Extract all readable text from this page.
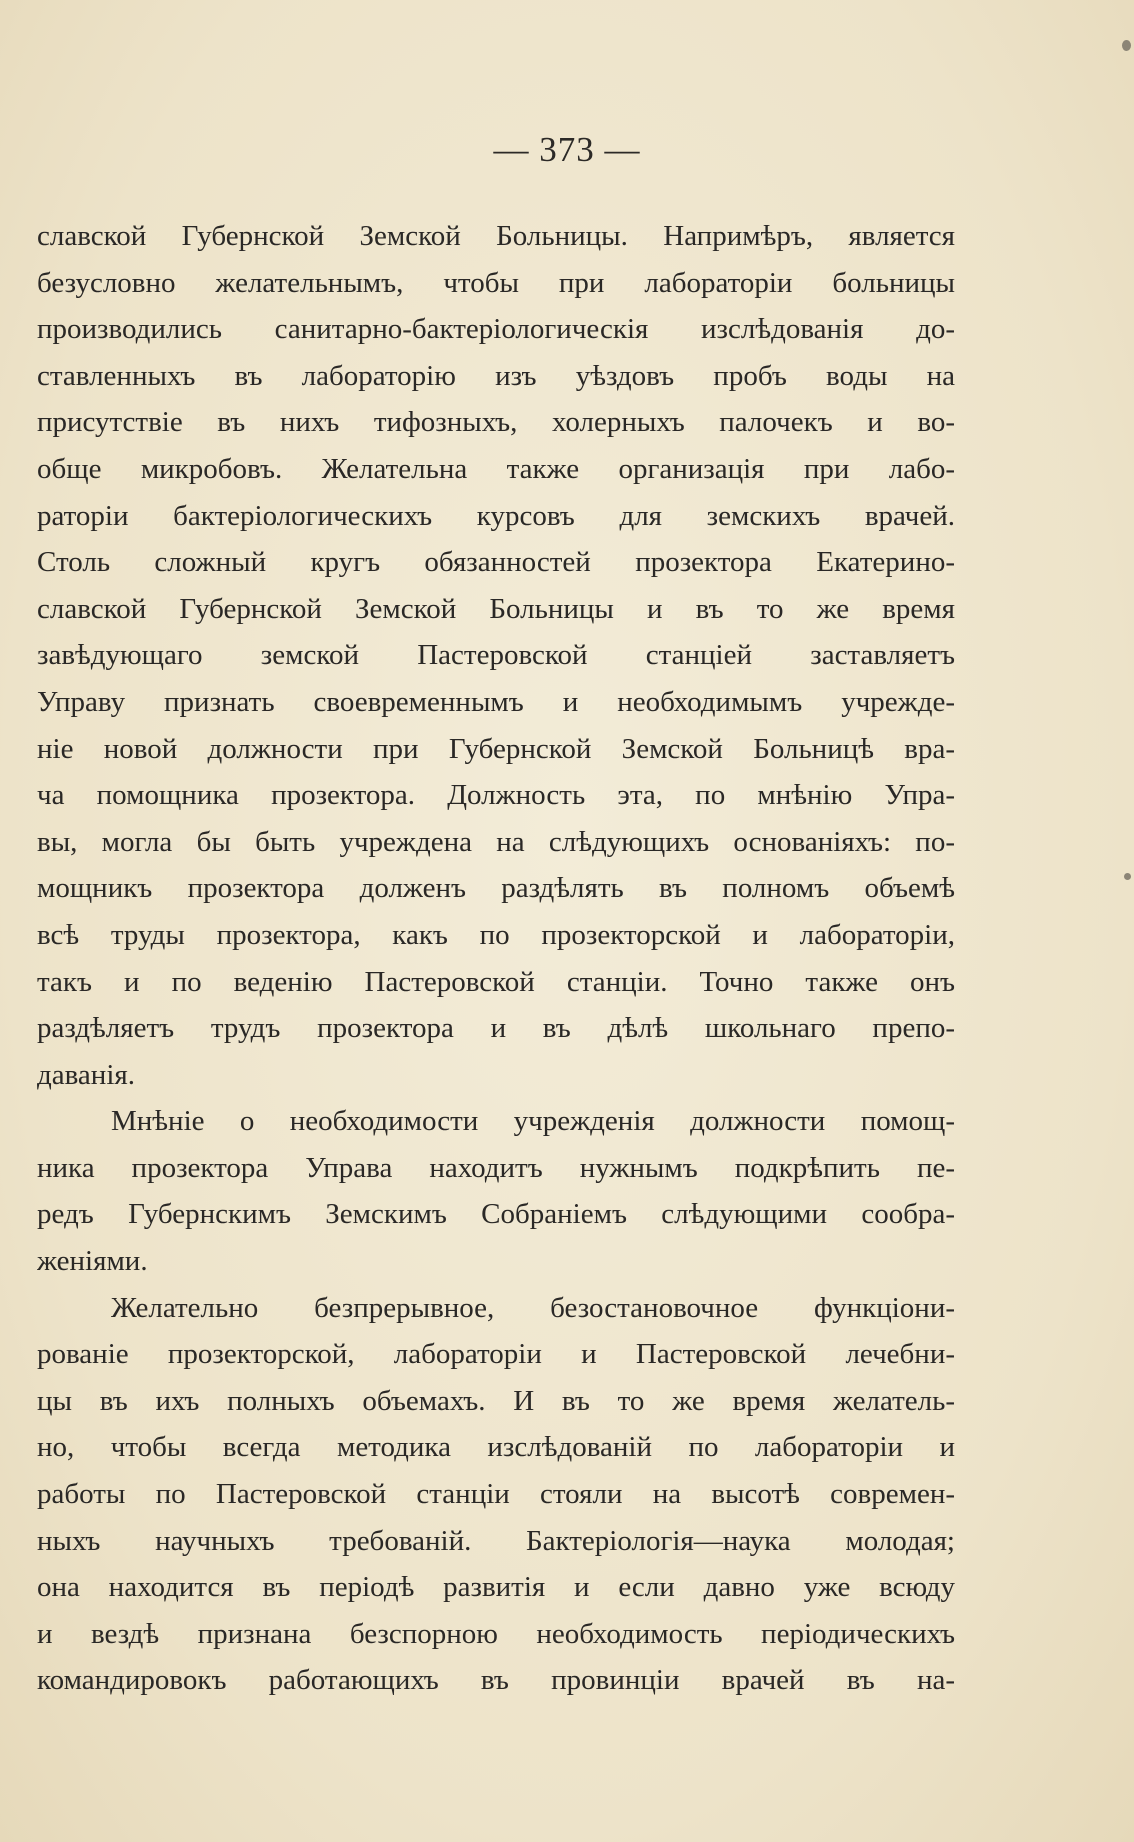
— 373 —
славской Губернской Земской Больницы. Напримѣръ, является
безусловно желательнымъ, чтобы при лабораторіи больницы
производились санитарно-бактеріологическія изслѣдованія до-
ставленныхъ въ лабораторію изъ уѣздовъ пробъ воды на
присутствіе въ нихъ тифозныхъ, холерныхъ палочекъ и во-
обще микробовъ. Желательна также организація при лабо-
раторіи бактеріологическихъ курсовъ для земскихъ врачей.
Столь сложный кругъ обязанностей прозектора Екатерино-
славской Губернской Земской Больницы и въ то же время
завѣдующаго земской Пастеровской станціей заставляетъ
Управу признать своевременнымъ и необходимымъ учрежде-
ніе новой должности при Губернской Земской Больницѣ вра-
ча помощника прозектора. Должность эта, по мнѣнію Упра-
вы, могла бы быть учреждена на слѣдующихъ основаніяхъ: по-
мощникъ прозектора долженъ раздѣлять въ полномъ объемѣ
всѣ труды прозектора, какъ по прозекторской и лабораторіи,
такъ и по веденію Пастеровской станціи. Точно также онъ
раздѣляетъ трудъ прозектора и въ дѣлѣ школьнаго препо-
даванія.
Мнѣніе о необходимости учрежденія должности помощ-
ника прозектора Управа находитъ нужнымъ подкрѣпить пе-
редъ Губернскимъ Земскимъ Собраніемъ слѣдующими сообра-
женіями.
Желательно безпрерывное, безостановочное функціони-
рованіе прозекторской, лабораторіи и Пастеровской лечебни-
цы въ ихъ полныхъ объемахъ. И въ то же время желатель-
но, чтобы всегда методика изслѣдованій по лабораторіи и
работы по Пастеровской станціи стояли на высотѣ современ-
ныхъ научныхъ требованій. Бактеріологія—наука молодая;
она находится въ періодѣ развитія и если давно уже всюду
и вездѣ признана безспорною необходимость періодическихъ
командировокъ работающихъ въ провинціи врачей въ на-
